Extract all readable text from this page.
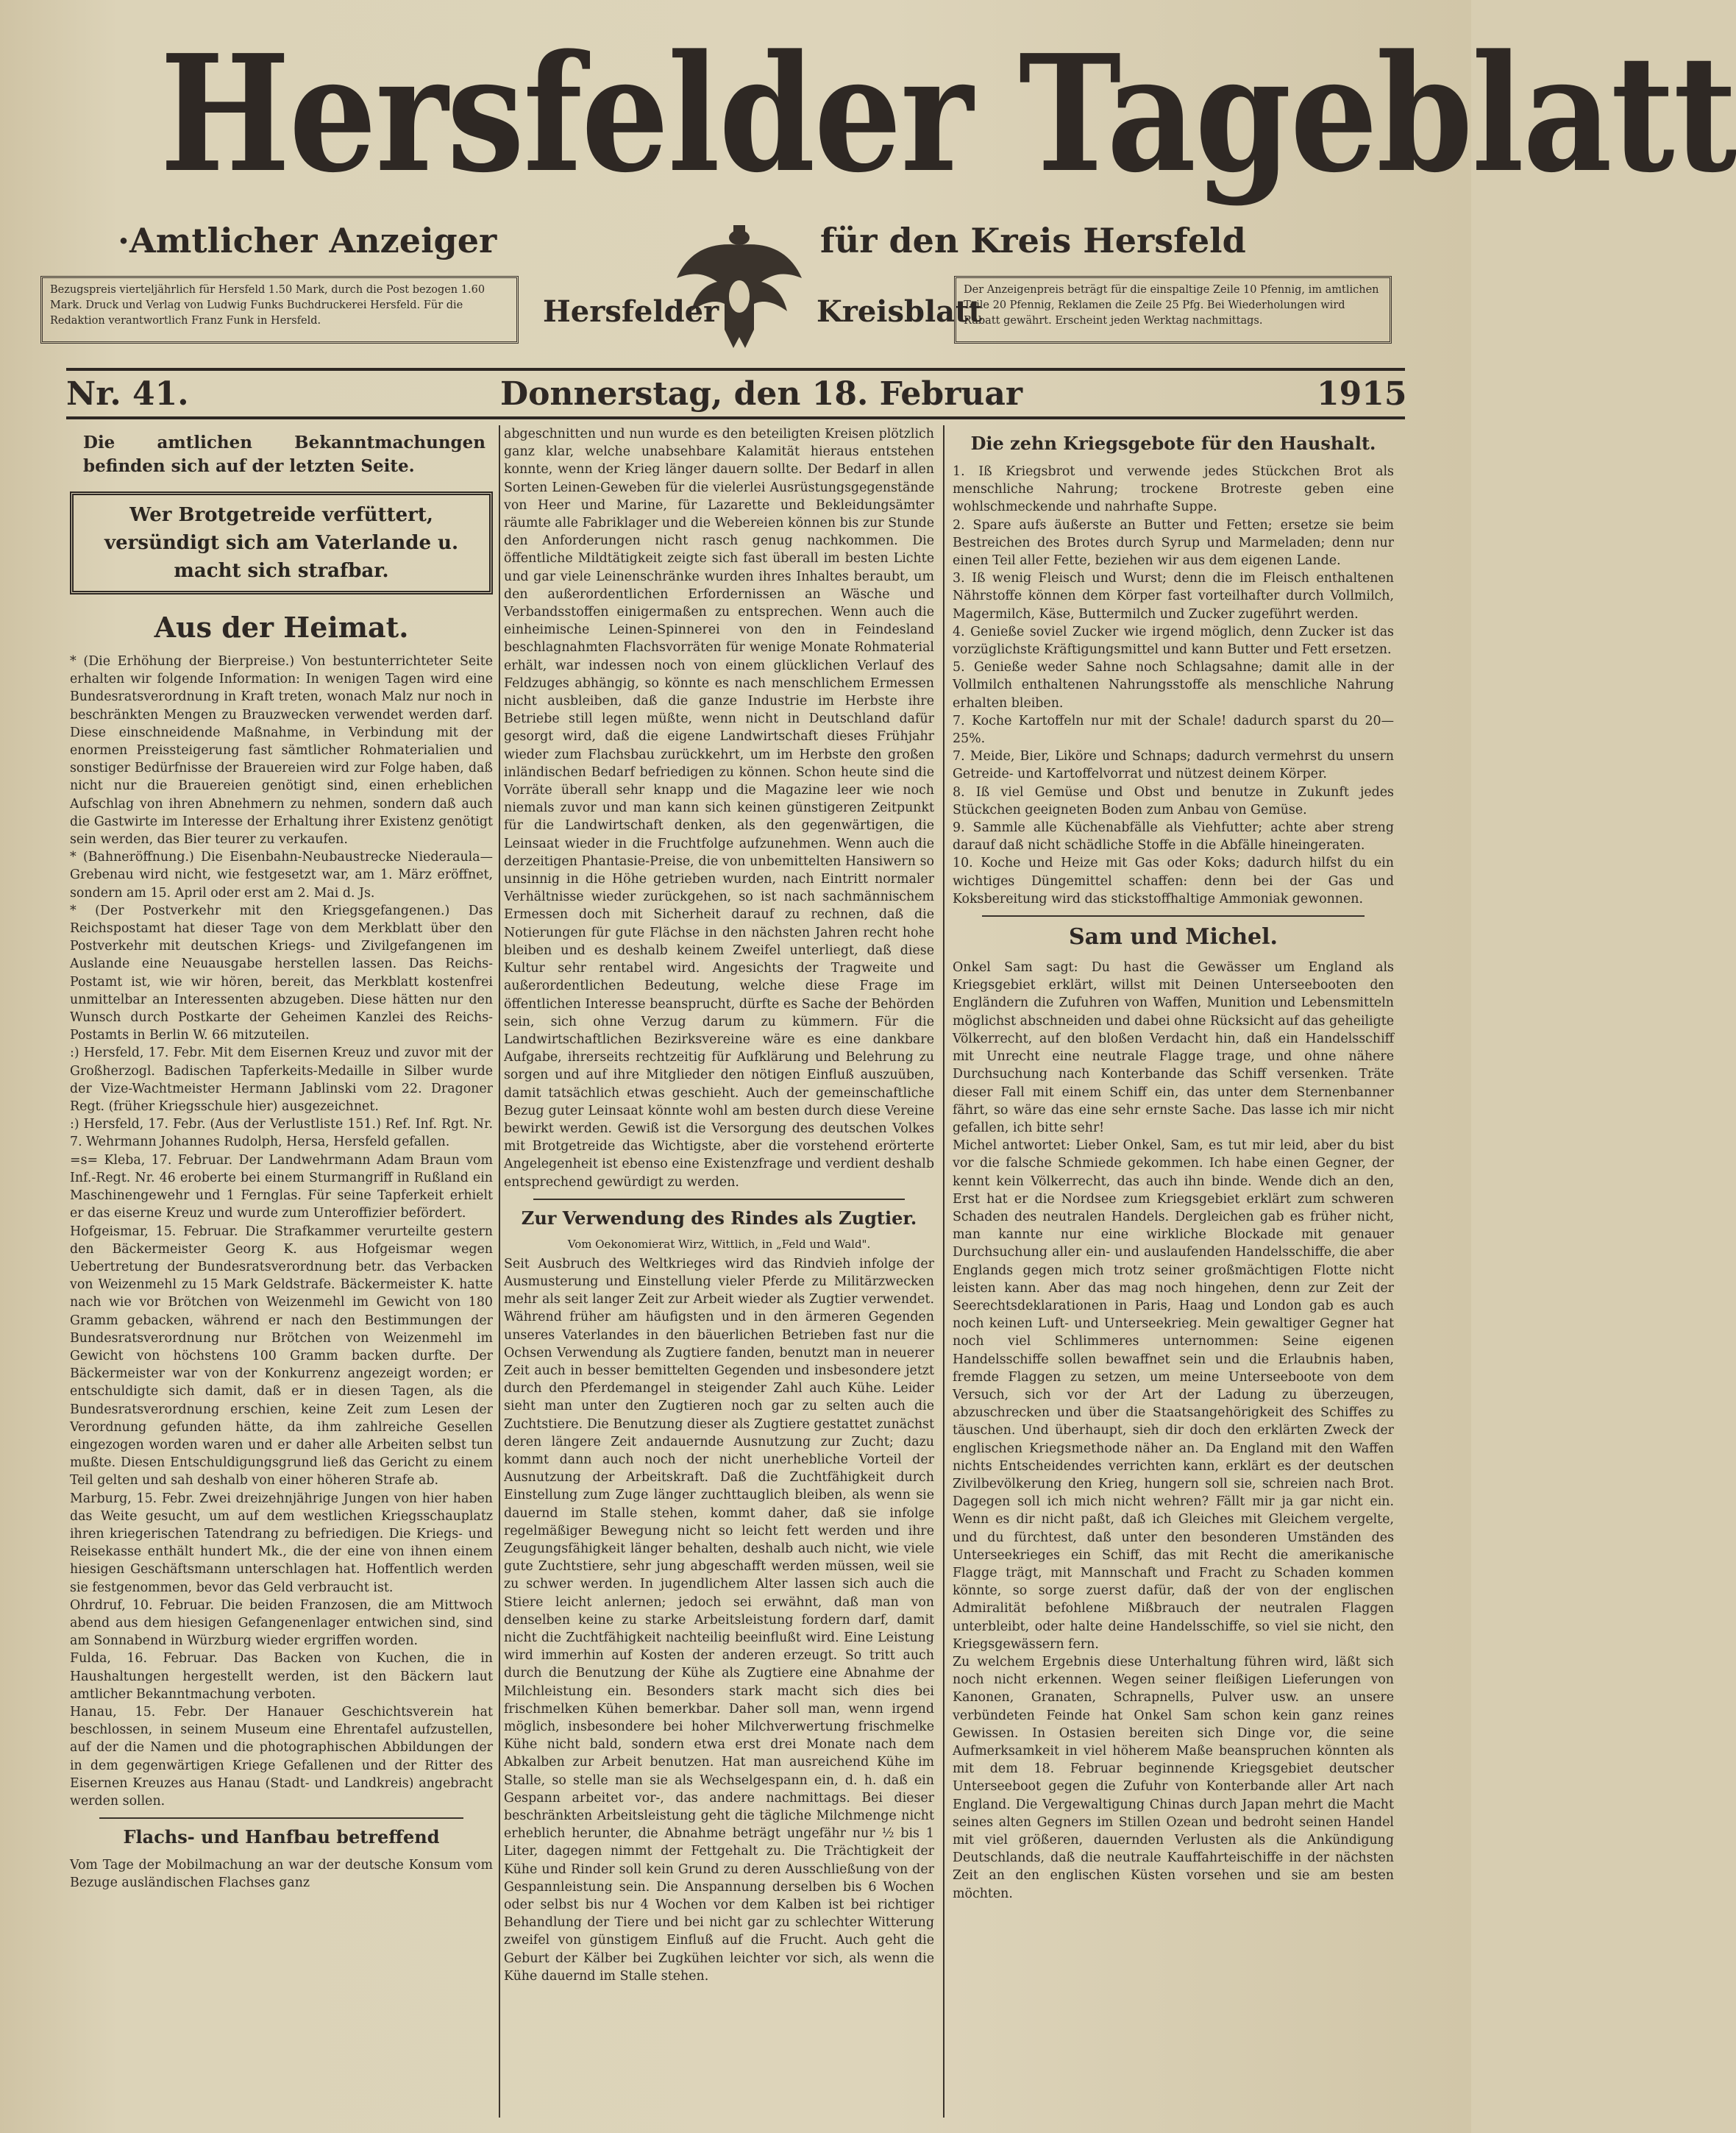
Hersfelder Tageblatt
·Amtlicher Anzeiger	für den Kreis Hersfeld
Hersfelder	Kreisblatt
Bezugspreis vierteljährlich für Hersfeld 1.50 Mark, durch die Post bezogen 1.60 Mark. Druck und Verlag von Ludwig Funks Buchdruckerei Hersfeld. Für die Redaktion verantwortlich Franz Funk in Hersfeld.
Der Anzeigenpreis beträgt für die einspaltige Zeile 10 Pfennig, im amtlichen Teile 20 Pfennig, Reklamen die Zeile 25 Pfg. Bei Wiederholungen wird Rabatt gewährt. Erscheint jeden Werktag nachmittags.
Nr. 41.	Donnerstag, den 18. Februar	1915

Die amtlichen Bekanntmachungen befinden sich auf der letzten Seite.

Wer Brotgetreide verfüttert, versündigt sich am Vaterlande u. macht sich strafbar.
Aus der Heimat.

* (Die Erhöhung der Bierpreise.) Von bestunterrichteter Seite erhalten wir folgende Information: In wenigen Tagen wird eine Bundesratsverordnung in Kraft treten, wonach Malz nur noch in beschränkten Mengen zu Brauzwecken verwendet werden darf. Diese einschneidende Maßnahme, in Verbindung mit der enormen Preissteigerung fast sämtlicher Rohmaterialien und sonstiger Bedürfnisse der Brauereien wird zur Folge haben, daß nicht nur die Brauereien genötigt sind, einen erheblichen Aufschlag von ihren Abnehmern zu nehmen, sondern daß auch die Gastwirte im Interesse der Erhaltung ihrer Existenz genötigt sein werden, das Bier teurer zu verkaufen.
* (Bahneröffnung.) Die Eisenbahn-Neubaustrecke Niederaula—Grebenau wird nicht, wie festgesetzt war, am 1. März eröffnet, sondern am 15. April oder erst am 2. Mai d. Js.
* (Der Postverkehr mit den Kriegsgefangenen.) Das Reichspostamt hat dieser Tage von dem Merkblatt über den Postverkehr mit deutschen Kriegs- und Zivilgefangenen im Auslande eine Neuausgabe herstellen lassen. Das Reichs-Postamt ist, wie wir hören, bereit, das Merkblatt kostenfrei unmittelbar an Interessenten abzugeben. Diese hätten nur den Wunsch durch Postkarte der Geheimen Kanzlei des Reichs-Postamts in Berlin W. 66 mitzuteilen.
:) Hersfeld, 17. Febr. Mit dem Eisernen Kreuz und zuvor mit der Großherzogl. Badischen Tapferkeits-Medaille in Silber wurde der Vize-Wachtmeister Hermann Jablinski vom 22. Dragoner Regt. (früher Kriegsschule hier) ausgezeichnet.
:) Hersfeld, 17. Febr. (Aus der Verlustliste 151.) Ref. Inf. Rgt. Nr. 7. Wehrmann Johannes Rudolph, Hersa, Hersfeld gefallen.
=s= Kleba, 17. Februar. Der Landwehrmann Adam Braun vom Inf.-Regt. Nr. 46 eroberte bei einem Sturmangriff in Rußland ein Maschinengewehr und 1 Fernglas. Für seine Tapferkeit erhielt er das eiserne Kreuz und wurde zum Unteroffizier befördert.
Hofgeismar, 15. Februar. Die Strafkammer verurteilte gestern den Bäckermeister Georg K. aus Hofgeismar wegen Uebertretung der Bundesratsverordnung betr. das Verbacken von Weizenmehl zu 15 Mark Geldstrafe. Bäckermeister K. hatte nach wie vor Brötchen von Weizenmehl im Gewicht von 180 Gramm gebacken, während er nach den Bestimmungen der Bundesratsverordnung nur Brötchen von Weizenmehl im Gewicht von höchstens 100 Gramm backen durfte. Der Bäckermeister war von der Konkurrenz angezeigt worden; er entschuldigte sich damit, daß er in diesen Tagen, als die Bundesratsverordnung erschien, keine Zeit zum Lesen der Verordnung gefunden hätte, da ihm zahlreiche Gesellen eingezogen worden waren und er daher alle Arbeiten selbst tun mußte. Diesen Entschuldigungsgrund ließ das Gericht zu einem Teil gelten und sah deshalb von einer höheren Strafe ab.
Marburg, 15. Febr. Zwei dreizehnjährige Jungen von hier haben das Weite gesucht, um auf dem westlichen Kriegsschauplatz ihren kriegerischen Tatendrang zu befriedigen. Die Kriegs- und Reisekasse enthält hundert Mk., die der eine von ihnen einem hiesigen Geschäftsmann unterschlagen hat. Hoffentlich werden sie festgenommen, bevor das Geld verbraucht ist.
Ohrdruf, 10. Februar. Die beiden Franzosen, die am Mittwoch abend aus dem hiesigen Gefangenenlager entwichen sind, sind am Sonnabend in Würzburg wieder ergriffen worden.
Fulda, 16. Februar. Das Backen von Kuchen, die in Haushaltungen hergestellt werden, ist den Bäckern laut amtlicher Bekanntmachung verboten.
Hanau, 15. Febr. Der Hanauer Geschichtsverein hat beschlossen, in seinem Museum eine Ehrentafel aufzustellen, auf der die Namen und die photographischen Abbildungen der in dem gegenwärtigen Kriege Gefallenen und der Ritter des Eisernen Kreuzes aus Hanau (Stadt- und Landkreis) angebracht werden sollen.

Flachs- und Hanfbau betreffend

Vom Tage der Mobilmachung an war der deutsche Konsum vom Bezuge ausländischen Flachses ganz

abgeschnitten und nun wurde es den beteiligten Kreisen plötzlich ganz klar, welche unabsehbare Kalamität hieraus entstehen konnte, wenn der Krieg länger dauern sollte. Der Bedarf in allen Sorten Leinen-Geweben für die vielerlei Ausrüstungsgegenstände von Heer und Marine, für Lazarette und Bekleidungsämter räumte alle Fabriklager und die Webereien können bis zur Stunde den Anforderungen nicht rasch genug nachkommen. Die öffentliche Mildtätigkeit zeigte sich fast überall im besten Lichte und gar viele Leinenschränke wurden ihres Inhaltes beraubt, um den außerordentlichen Erfordernissen an Wäsche und Verbandsstoffen einigermaßen zu entsprechen. Wenn auch die einheimische Leinen-Spinnerei von den in Feindesland beschlagnahmten Flachsvorräten für wenige Monate Rohmaterial erhält, war indessen noch von einem glücklichen Verlauf des Feldzuges abhängig, so könnte es nach menschlichem Ermessen nicht ausbleiben, daß die ganze Industrie im Herbste ihre Betriebe still legen müßte, wenn nicht in Deutschland dafür gesorgt wird, daß die eigene Landwirtschaft dieses Frühjahr wieder zum Flachsbau zurückkehrt, um im Herbste den großen inländischen Bedarf befriedigen zu können. Schon heute sind die Vorräte überall sehr knapp und die Magazine leer wie noch niemals zuvor und man kann sich keinen günstigeren Zeitpunkt für die Landwirtschaft denken, als den gegenwärtigen, die Leinsaat wieder in die Fruchtfolge aufzunehmen. Wenn auch die derzeitigen Phantasie-Preise, die von unbemittelten Hansiwern so unsinnig in die Höhe getrieben wurden, nach Eintritt normaler Verhältnisse wieder zurückgehen, so ist nach sachmännischem Ermessen doch mit Sicherheit darauf zu rechnen, daß die Notierungen für gute Flächse in den nächsten Jahren recht hohe bleiben und es deshalb keinem Zweifel unterliegt, daß diese Kultur sehr rentabel wird. Angesichts der Tragweite und außerordentlichen Bedeutung, welche diese Frage im öffentlichen Interesse beansprucht, dürfte es Sache der Behörden sein, sich ohne Verzug darum zu kümmern. Für die Landwirtschaftlichen Bezirksvereine wäre es eine dankbare Aufgabe, ihrerseits rechtzeitig für Aufklärung und Belehrung zu sorgen und auf ihre Mitglieder den nötigen Einfluß auszuüben, damit tatsächlich etwas geschieht. Auch der gemeinschaftliche Bezug guter Leinsaat könnte wohl am besten durch diese Vereine bewirkt werden. Gewiß ist die Versorgung des deutschen Volkes mit Brotgetreide das Wichtigste, aber die vorstehend erörterte Angelegenheit ist ebenso eine Existenzfrage und verdient deshalb entsprechend gewürdigt zu werden.

Zur Verwendung des Rindes als Zugtier.
Vom Oekonomierat Wirz, Wittlich, in „Feld und Wald".

Seit Ausbruch des Weltkrieges wird das Rindvieh infolge der Ausmusterung und Einstellung vieler Pferde zu Militärzwecken mehr als seit langer Zeit zur Arbeit wieder als Zugtier verwendet. Während früher am häufigsten und in den ärmeren Gegenden unseres Vaterlandes in den bäuerlichen Betrieben fast nur die Ochsen Verwendung als Zugtiere fanden, benutzt man in neuerer Zeit auch in besser bemittelten Gegenden und insbesondere jetzt durch den Pferdemangel in steigender Zahl auch Kühe. Leider sieht man unter den Zugtieren noch gar zu selten auch die Zuchtstiere. Die Benutzung dieser als Zugtiere gestattet zunächst deren längere Zeit andauernde Ausnutzung zur Zucht; dazu kommt dann auch noch der nicht unerhebliche Vorteil der Ausnutzung der Arbeitskraft. Daß die Zuchtfähigkeit durch Einstellung zum Zuge länger zuchttauglich bleiben, als wenn sie dauernd im Stalle stehen, kommt daher, daß sie infolge regelmäßiger Bewegung nicht so leicht fett werden und ihre Zeugungsfähigkeit länger behalten, deshalb auch nicht, wie viele gute Zuchtstiere, sehr jung abgeschafft werden müssen, weil sie zu schwer werden. In jugendlichem Alter lassen sich auch die Stiere leicht anlernen; jedoch sei erwähnt, daß man von denselben keine zu starke Arbeitsleistung fordern darf, damit nicht die Zuchtfähigkeit nachteilig beeinflußt wird. Eine Leistung wird immerhin auf Kosten der anderen erzeugt. So tritt auch durch die Benutzung der Kühe als Zugtiere eine Abnahme der Milchleistung ein. Besonders stark macht sich dies bei frischmelken Kühen bemerkbar. Daher soll man, wenn irgend möglich, insbesondere bei hoher Milchverwertung frischmelke Kühe nicht bald, sondern etwa erst drei Monate nach dem Abkalben zur Arbeit benutzen. Hat man ausreichend Kühe im Stalle, so stelle man sie als Wechselgespann ein, d. h. daß ein Gespann arbeitet vor-, das andere nachmittags. Bei dieser beschränkten Arbeitsleistung geht die tägliche Milchmenge nicht erheblich herunter, die Abnahme beträgt ungefähr nur ½ bis 1 Liter, dagegen nimmt der Fettgehalt zu. Die Trächtigkeit der Kühe und Rinder soll kein Grund zu deren Ausschließung von der Gespannleistung sein. Die Anspannung derselben bis 6 Wochen oder selbst bis nur 4 Wochen vor dem Kalben ist bei richtiger Behandlung der Tiere und bei nicht gar zu schlechter Witterung zweifel von günstigem Einfluß auf die Frucht. Auch geht die Geburt der Kälber bei Zugkühen leichter vor sich, als wenn die Kühe dauernd im Stalle stehen.

Die zehn Kriegsgebote für den Haushalt.

1. Iß Kriegsbrot und verwende jedes Stückchen Brot als menschliche Nahrung; trockene Brotreste geben eine wohlschmeckende und nahrhafte Suppe.
2. Spare aufs äußerste an Butter und Fetten; ersetze sie beim Bestreichen des Brotes durch Syrup und Marmeladen; denn nur einen Teil aller Fette, beziehen wir aus dem eigenen Lande.
3. Iß wenig Fleisch und Wurst; denn die im Fleisch enthaltenen Nährstoffe können dem Körper fast vorteilhafter durch Vollmilch, Magermilch, Käse, Buttermilch und Zucker zugeführt werden.
4. Genieße soviel Zucker wie irgend möglich, denn Zucker ist das vorzüglichste Kräftigungsmittel und kann Butter und Fett ersetzen.
5. Genieße weder Sahne noch Schlagsahne; damit alle in der Vollmilch enthaltenen Nahrungsstoffe als menschliche Nahrung erhalten bleiben.
7. Koche Kartoffeln nur mit der Schale! dadurch sparst du 20—25%.
7. Meide, Bier, Liköre und Schnaps; dadurch vermehrst du unsern Getreide- und Kartoffelvorrat und nützest deinem Körper.
8. Iß viel Gemüse und Obst und benutze in Zukunft jedes Stückchen geeigneten Boden zum Anbau von Gemüse.
9. Sammle alle Küchenabfälle als Viehfutter; achte aber streng darauf daß nicht schädliche Stoffe in die Abfälle hineingeraten.
10. Koche und Heize mit Gas oder Koks; dadurch hilfst du ein wichtiges Düngemittel schaffen: denn bei der Gas und Koksbereitung wird das stickstoffhaltige Ammoniak gewonnen.

Sam und Michel.

Onkel Sam sagt: Du hast die Gewässer um England als Kriegsgebiet erklärt, willst mit Deinen Unterseebooten den Engländern die Zufuhren von Waffen, Munition und Lebensmitteln möglichst abschneiden und dabei ohne Rücksicht auf das geheiligte Völkerrecht, auf den bloßen Verdacht hin, daß ein Handelsschiff mit Unrecht eine neutrale Flagge trage, und ohne nähere Durchsuchung nach Konterbande das Schiff versenken. Träte dieser Fall mit einem Schiff ein, das unter dem Sternenbanner fährt, so wäre das eine sehr ernste Sache. Das lasse ich mir nicht gefallen, ich bitte sehr!
Michel antwortet: Lieber Onkel, Sam, es tut mir leid, aber du bist vor die falsche Schmiede gekommen. Ich habe einen Gegner, der kennt kein Völkerrecht, das auch ihn binde. Wende dich an den, Erst hat er die Nordsee zum Kriegsgebiet erklärt zum schweren Schaden des neutralen Handels. Dergleichen gab es früher nicht, man kannte nur eine wirkliche Blockade mit genauer Durchsuchung aller ein- und auslaufenden Handelsschiffe, die aber Englands gegen mich trotz seiner großmächtigen Flotte nicht leisten kann. Aber das mag noch hingehen, denn zur Zeit der Seerechtsdeklarationen in Paris, Haag und London gab es auch noch keinen Luft- und Unterseekrieg. Mein gewaltiger Gegner hat noch viel Schlimmeres unternommen: Seine eigenen Handelsschiffe sollen bewaffnet sein und die Erlaubnis haben, fremde Flaggen zu setzen, um meine Unterseeboote von dem Versuch, sich vor der Art der Ladung zu überzeugen, abzuschrecken und über die Staatsangehörigkeit des Schiffes zu täuschen. Und überhaupt, sieh dir doch den erklärten Zweck der englischen Kriegsmethode näher an. Da England mit den Waffen nichts Entscheidendes verrichten kann, erklärt es der deutschen Zivilbevölkerung den Krieg, hungern soll sie, schreien nach Brot. Dagegen soll ich mich nicht wehren? Fällt mir ja gar nicht ein. Wenn es dir nicht paßt, daß ich Gleiches mit Gleichem vergelte, und du fürchtest, daß unter den besonderen Umständen des Unterseekrieges ein Schiff, das mit Recht die amerikanische Flagge trägt, mit Mannschaft und Fracht zu Schaden kommen könnte, so sorge zuerst dafür, daß der von der englischen Admiralität befohlene Mißbrauch der neutralen Flaggen unterbleibt, oder halte deine Handelsschiffe, so viel sie nicht, den Kriegsgewässern fern.
Zu welchem Ergebnis diese Unterhaltung führen wird, läßt sich noch nicht erkennen. Wegen seiner fleißigen Lieferungen von Kanonen, Granaten, Schrapnells, Pulver usw. an unsere verbündeten Feinde hat Onkel Sam schon kein ganz reines Gewissen. In Ostasien bereiten sich Dinge vor, die seine Aufmerksamkeit in viel höherem Maße beanspruchen könnten als mit dem 18. Februar beginnende Kriegsgebiet deutscher Unterseeboot gegen die Zufuhr von Konterbande aller Art nach England. Die Vergewaltigung Chinas durch Japan mehrt die Macht seines alten Gegners im Stillen Ozean und bedroht seinen Handel mit viel größeren, dauernden Verlusten als die Ankündigung Deutschlands, daß die neutrale Kauffahrteischiffe in der nächsten Zeit an den englischen Küsten vorsehen und sie am besten möchten.
